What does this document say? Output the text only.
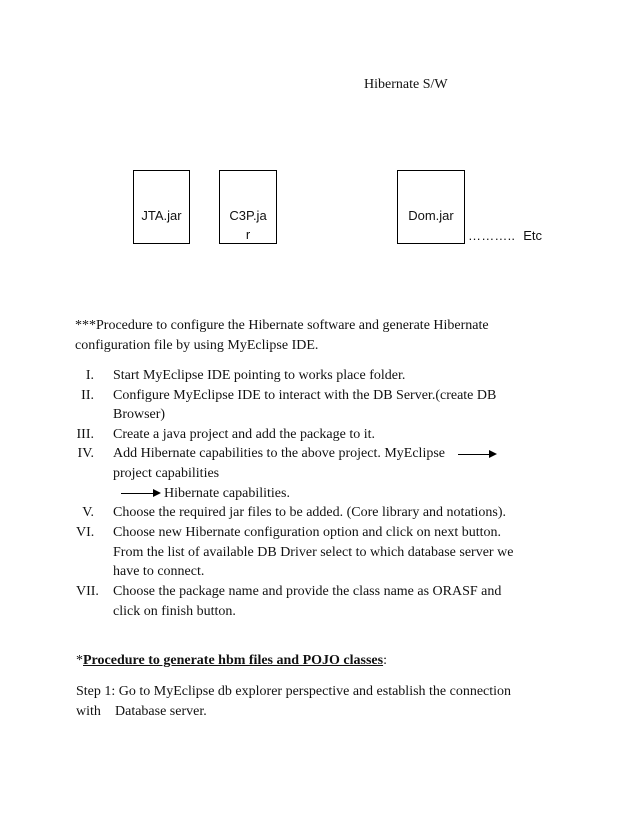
Hibernate S/W
JTA.jar	C3P.ja
r
Dom.jar
……….. Etc
***Procedure to configure the Hibernate software and generate Hibernate
configuration file by using MyEclipse IDE.
I. Start MyEclipse IDE pointing to works place folder.
II. Configure MyEclipse IDE to interact with the DB Server.(create DB
Browser)
III. Create a java project and add the package to it.
IV. Add Hibernate capabilities to the above project. MyEclipse
project capabilities
Hibernate capabilities.
V. Choose the required jar files to be added. (Core library and notations).
VI. Choose new Hibernate configuration option and click on next button.
From the list of available DB Driver select to which database server we
have to connect.
VII. Choose the package name and provide the class name as ORASF and
click on finish button.
*Procedure to generate hbm files and POJO classes:
Step 1: Go to MyEclipse db explorer perspective and establish the connection
with Database server.
